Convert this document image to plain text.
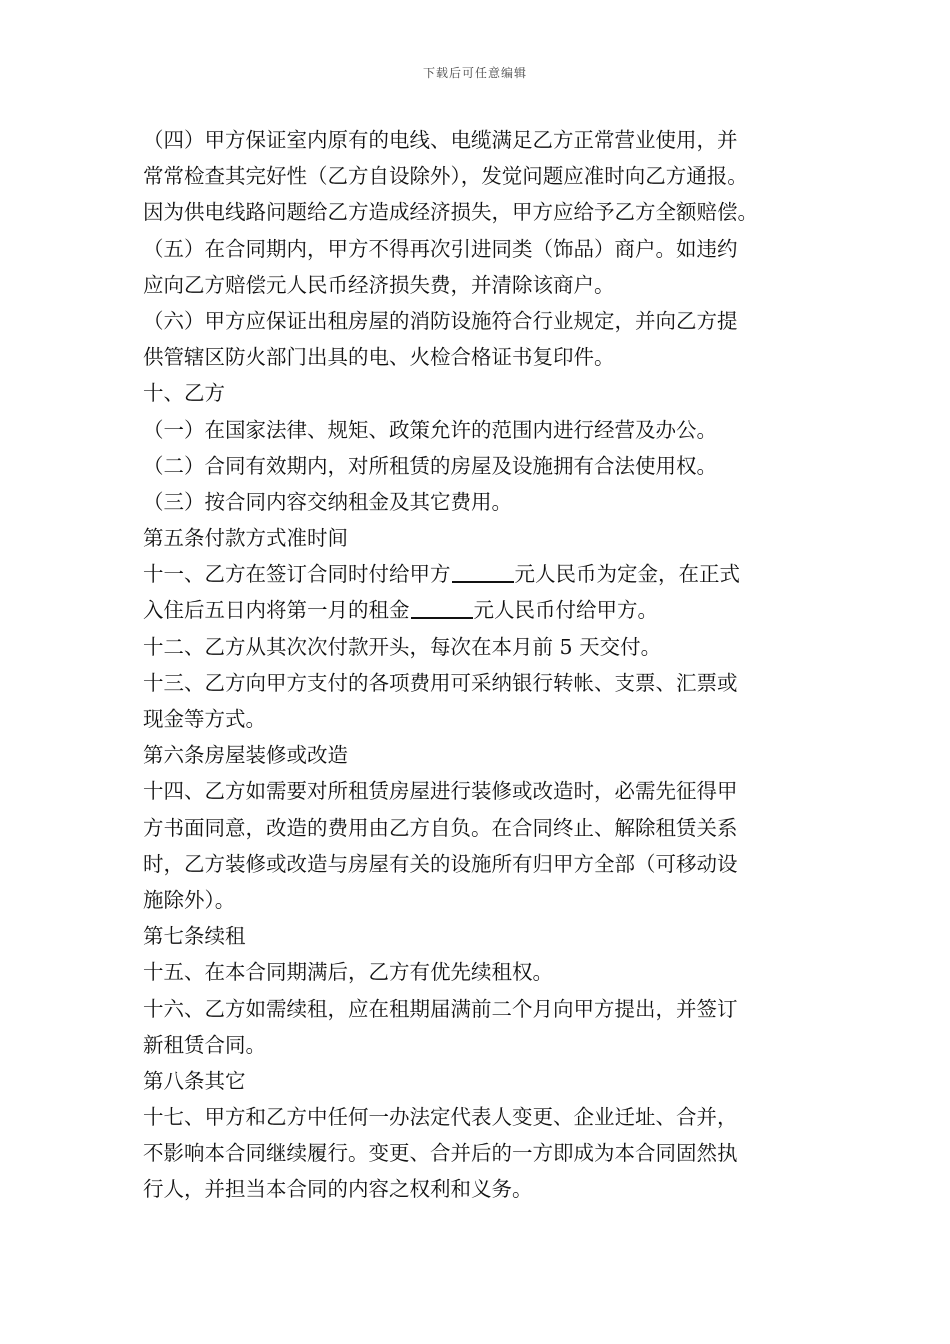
下载后可任意编辑
（四）甲方保证室内原有的电线、电缆满足乙方正常营业使用，并
常常检查其完好性（乙方自设除外），发觉问题应准时向乙方通报。
因为供电线路问题给乙方造成经济损失，甲方应给予乙方全额赔偿。
（五）在合同期内，甲方不得再次引进同类（饰品）商户。如违约
应向乙方赔偿元人民币经济损失费，并清除该商户。
（六）甲方应保证出租房屋的消防设施符合行业规定，并向乙方提
供管辖区防火部门出具的电、火检合格证书复印件。
十、乙方
（一）在国家法律、规矩、政策允许的范围内进行经营及办公。
（二）合同有效期内，对所租赁的房屋及设施拥有合法使用权。
（三）按合同内容交纳租金及其它费用。
第五条付款方式准时间
十一、乙方在签订合同时付给甲方	元人民币为定金，在正式
入住后五日内将第一月的租金	元人民币付给甲方。
十二、乙方从其次次付款开头，每次在本月前 5 天交付。
十三、乙方向甲方支付的各项费用可采纳银行转帐、支票、汇票或
现金等方式。
第六条房屋装修或改造
十四、乙方如需要对所租赁房屋进行装修或改造时，必需先征得甲
方书面同意，改造的费用由乙方自负。在合同终止、解除租赁关系
时，乙方装修或改造与房屋有关的设施所有归甲方全部（可移动设
施除外）。
第七条续租
十五、在本合同期满后，乙方有优先续租权。
十六、乙方如需续租，应在租期届满前二个月向甲方提出，并签订
新租赁合同。
第八条其它
十七、甲方和乙方中任何一办法定代表人变更、企业迁址、合并，
不影响本合同继续履行。变更、合并后的一方即成为本合同固然执
行人，并担当本合同的内容之权利和义务。
